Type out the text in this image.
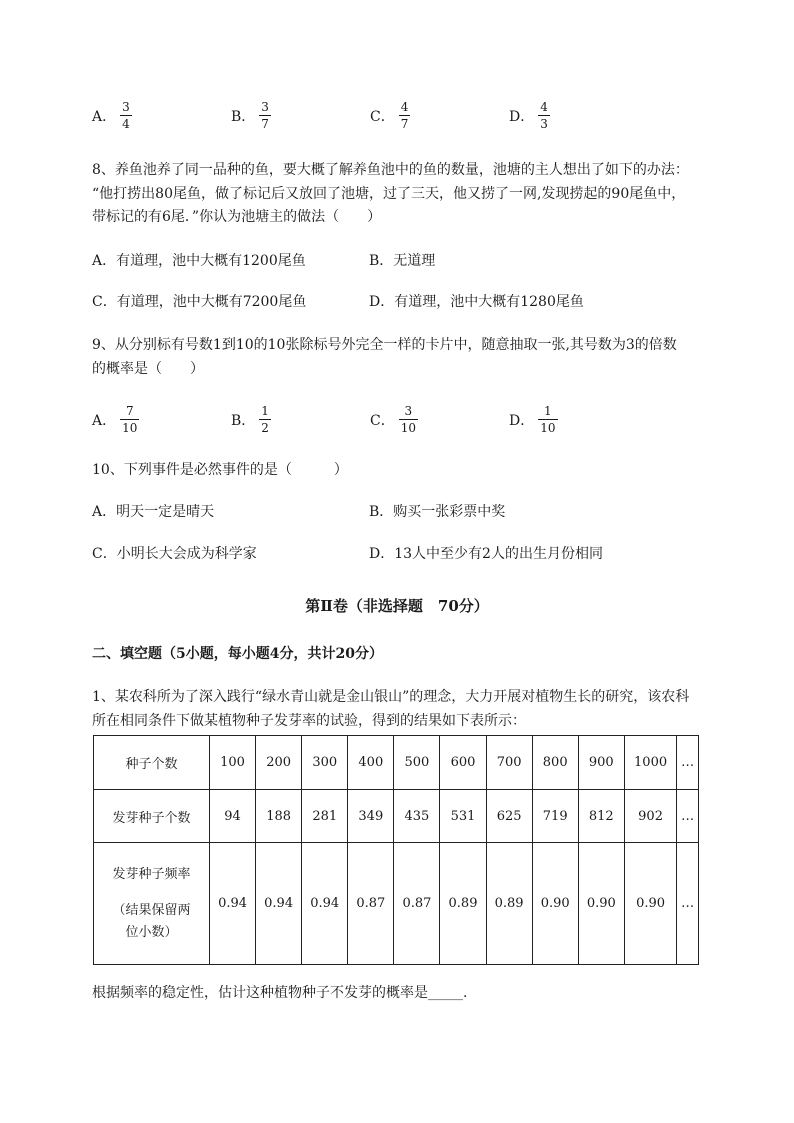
A． $\frac{3}{4}$	B． $\frac{3}{7}$	C． $\frac{4}{7}$	D． $\frac{4}{3}$
8、养鱼池养了同一品种的鱼，要大概了解养鱼池中的鱼的数量，池塘的主人想出了如下的办法：
“他打捞出80尾鱼，做了标记后又放回了池塘，过了三天，他又捞了一网,发现捞起的90尾鱼中，
带标记的有6尾．”你认为池塘主的做法（　　）
A．有道理，池中大概有1200尾鱼	B．无道理
C．有道理，池中大概有7200尾鱼	D．有道理，池中大概有1280尾鱼
9、从分别标有号数1到10的10张除标号外完全一样的卡片中，随意抽取一张,其号数为3的倍数
的概率是（　　）
A． $\frac{7}{10}$	B． $\frac{1}{2}$	C． $\frac{3}{10}$	D． $\frac{1}{10}$
10、下列事件是必然事件的是（　　　）
A．明天一定是晴天	B．购买一张彩票中奖
C．小明长大会成为科学家	D．13人中至少有2人的出生月份相同
第Ⅱ卷（非选择题　70分）
二、填空题（5小题，每小题4分，共计20分）
1、某农科所为了深入践行“绿水青山就是金山银山”的理念，大力开展对植物生长的研究，该农科
所在相同条件下做某植物种子发芽率的试验，得到的结果如下表所示：
种子个数	100	200	300	400	500	600	700	800	900	1000	…
发芽种子个数	94	188	281	349	435	531	625	719	812	902	…

发芽种子频率
（结果保留两
位小数）	0.94	0.94	0.94	0.87	0.87	0.89	0.89	0.90	0.90	0.90	…
根据频率的稳定性，估计这种植物种子不发芽的概率是_____.
